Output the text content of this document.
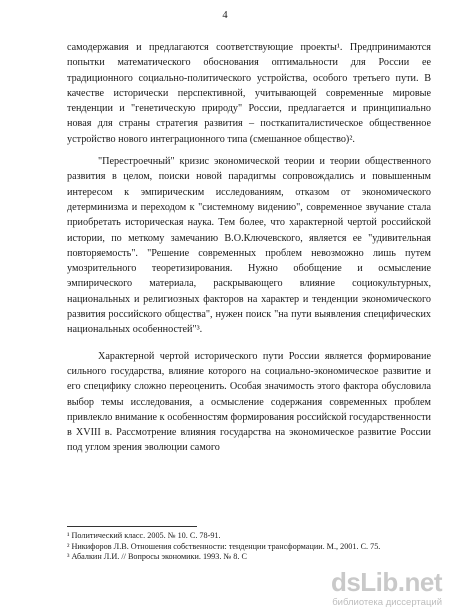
4

самодержавия и предлагаются соответствующие проекты¹. Предпринимаются попытки математического обоснования оптимальности для России ее традиционного социально-политического устройства, особого третьего пути. В качестве исторически перспективной, учитывающей современные мировые тенденции и "генетическую природу" России, предлагается и принципиально новая для страны стратегия развития – посткапиталистическое общественное устройство нового интеграционного типа (смешанное общество)².

"Перестроечный" кризис экономической теории и теории общественного развития в целом, поиски новой парадигмы сопровождались и повышенным интересом к эмпирическим исследованиям, отказом от экономического детерминизма и переходом к "системному видению", современное звучание стала приобретать историческая наука. Тем более, что характерной чертой российской истории, по меткому замечанию В.О.Ключевского, является ее "удивительная повторяемость". "Решение современных проблем невозможно лишь путем умозрительного теоретизирования. Нужно обобщение и осмысление эмпирического материала, раскрывающего влияние социокультурных, национальных и религиозных факторов на характер и тенденции экономического развития российского общества", нужен поиск "на пути выявления специфических национальных особенностей"³.

Характерной чертой исторического пути России является формирование сильного государства, влияние которого на социально-экономическое развитие и его специфику сложно переоценить. Особая значимость этого фактора обусловила выбор темы исследования, а осмысление содержания современных проблем привлекло внимание к особенностям формирования российской государственности в XVIII в. Рассмотрение влияния государства на экономическое развитие России под углом зрения эволюции самого

¹ Политический класс. 2005. № 10. С. 78-91.
² Никифоров Л.В. Отношения собственности: тенденции трансформации. М., 2001. С. 75.
³ Абалкин Л.И. // Вопросы экономики. 1993. № 8. С
dsLib.net
библиотека диссертаций
